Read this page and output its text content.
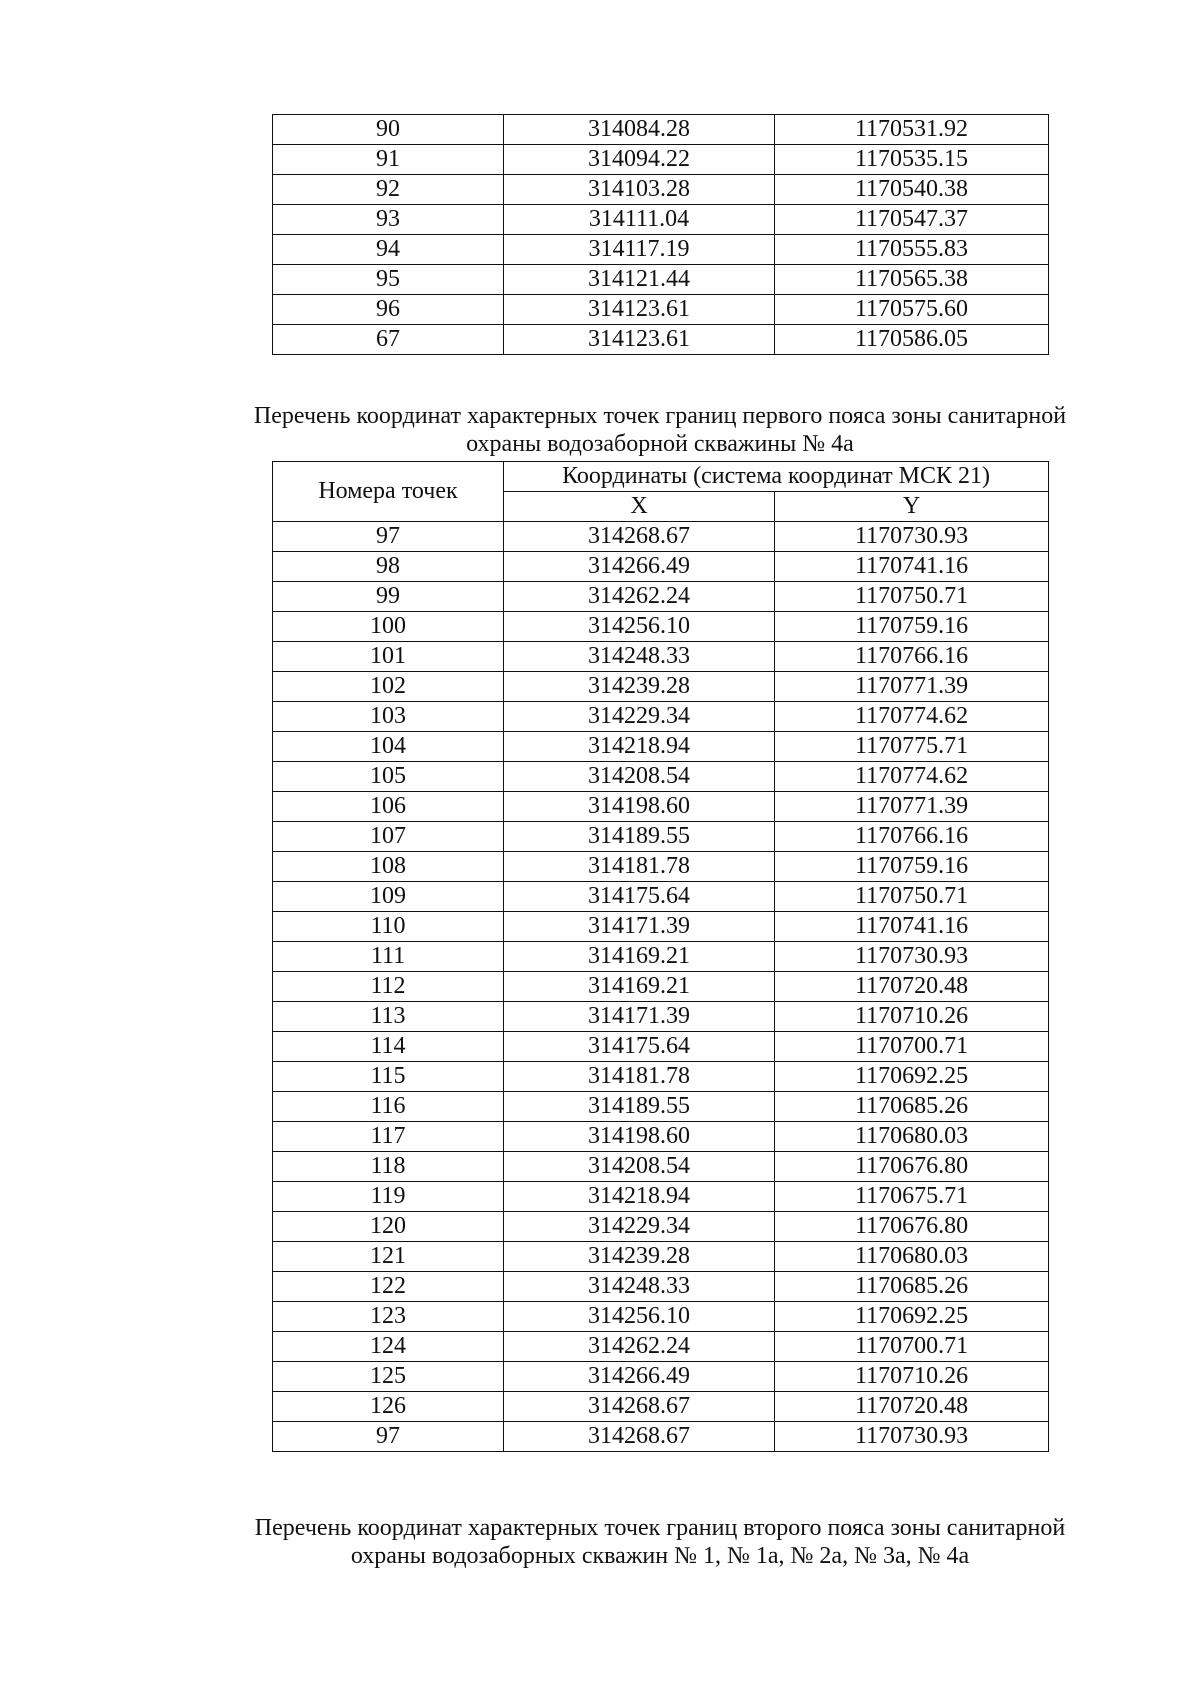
90	314084.28	1170531.92
91	314094.22	1170535.15
92	314103.28	1170540.38
93	314111.04	1170547.37
94	314117.19	1170555.83
95	314121.44	1170565.38
96	314123.61	1170575.60
67	314123.61	1170586.05
Перечень координат характерных точек границ первого пояса зоны санитарной
охраны водозаборной скважины № 4а
Номера точек	Координаты (система координат МСК 21)	
	X	Y
97	314268.67	1170730.93
98	314266.49	1170741.16
99	314262.24	1170750.71
100	314256.10	1170759.16
101	314248.33	1170766.16
102	314239.28	1170771.39
103	314229.34	1170774.62
104	314218.94	1170775.71
105	314208.54	1170774.62
106	314198.60	1170771.39
107	314189.55	1170766.16
108	314181.78	1170759.16
109	314175.64	1170750.71
110	314171.39	1170741.16
111	314169.21	1170730.93
112	314169.21	1170720.48
113	314171.39	1170710.26
114	314175.64	1170700.71
115	314181.78	1170692.25
116	314189.55	1170685.26
117	314198.60	1170680.03
118	314208.54	1170676.80
119	314218.94	1170675.71
120	314229.34	1170676.80
121	314239.28	1170680.03
122	314248.33	1170685.26
123	314256.10	1170692.25
124	314262.24	1170700.71
125	314266.49	1170710.26
126	314268.67	1170720.48
97	314268.67	1170730.93
Перечень координат характерных точек границ второго пояса зоны санитарной
охраны водозаборных скважин № 1, № 1а, № 2а, № 3а, № 4а
